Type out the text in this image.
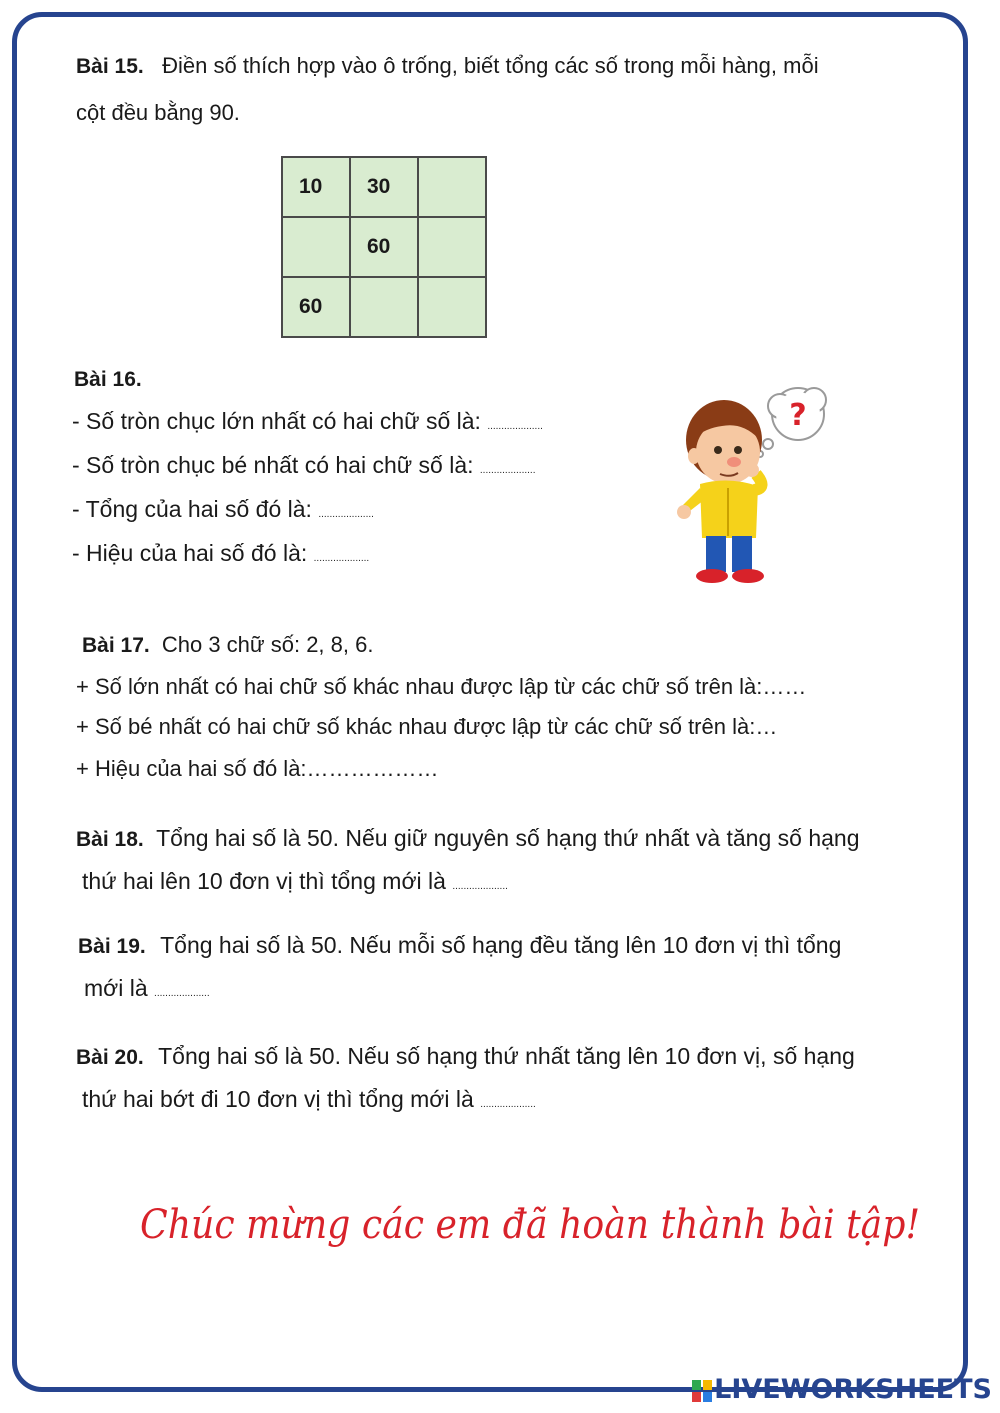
Bài 15. Điền số thích hợp vào ô trống, biết tổng các số trong mỗi hàng, mỗi
cột đều bằng 90.
10	30	
	60	
60		
Bài 16.
- Số tròn chục lớn nhất có hai chữ số là: ....................
- Số tròn chục bé nhất có hai chữ số là: ....................
- Tổng của hai số đó là: ....................
- Hiệu của hai số đó là: ....................
?
Bài 17. Cho 3 chữ số: 2, 8, 6.
+ Số lớn nhất có hai chữ số khác nhau được lập từ các chữ số trên là:……
+ Số bé nhất có hai chữ số khác nhau được lập từ các chữ số trên là:…
+ Hiệu của hai số đó là:………………
Bài 18. Tổng hai số là 50. Nếu giữ nguyên số hạng thứ nhất và tăng số hạng
thứ hai lên 10 đơn vị thì tổng mới là ....................
Bài 19. Tổng hai số là 50. Nếu mỗi số hạng đều tăng lên 10 đơn vị thì tổng
mới là ....................
Bài 20. Tổng hai số là 50. Nếu số hạng thứ nhất tăng lên 10 đơn vị, số hạng
thứ hai bớt đi 10 đơn vị thì tổng mới là ....................
Chúc mừng các em đã hoàn thành bài tập!
LIVEWORKSHEETS
